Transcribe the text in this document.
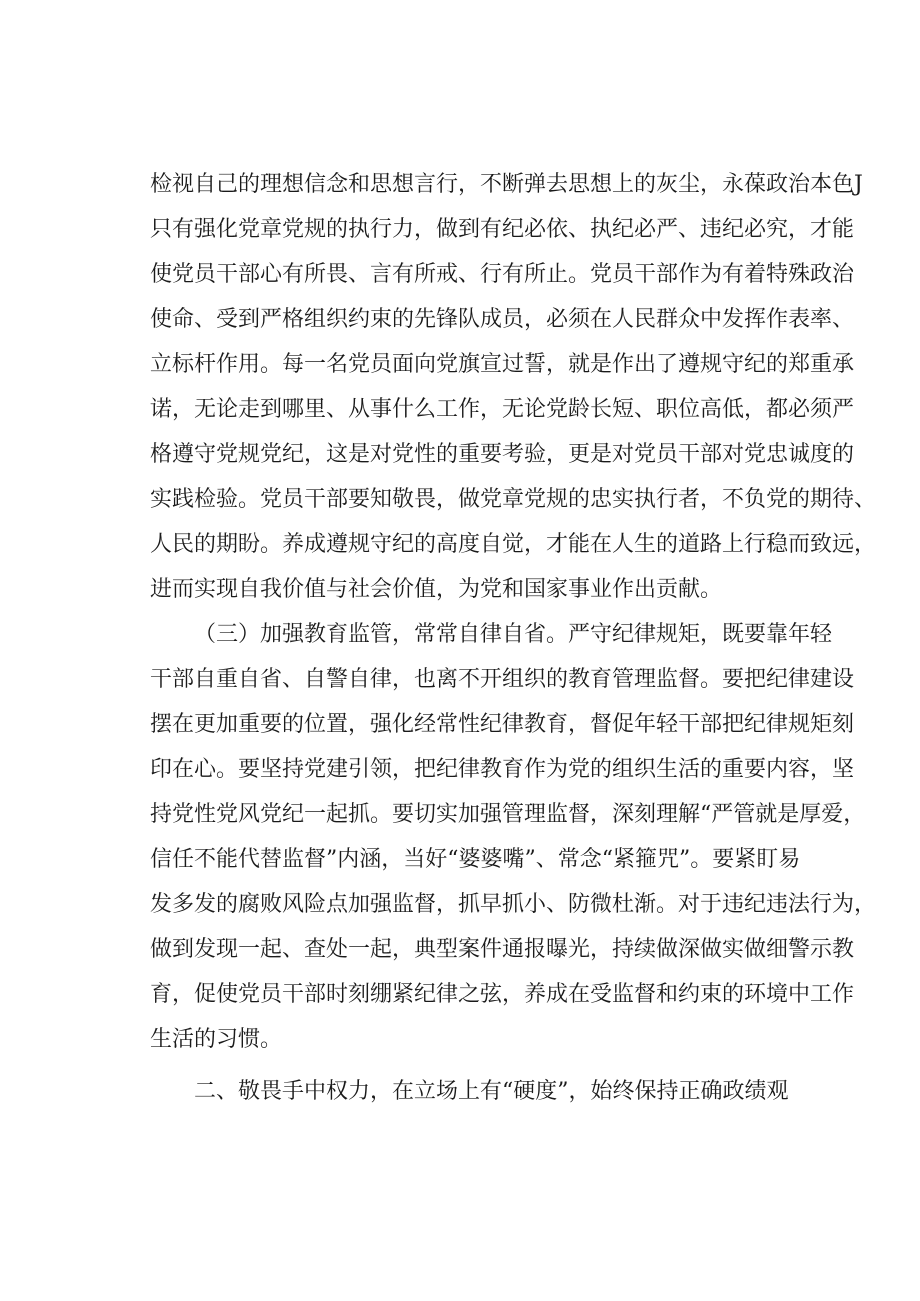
检视自己的理想信念和思想言行，不断弹去思想上的灰尘，永葆政治本色J
只有强化党章党规的执行力，做到有纪必依、执纪必严、违纪必究，才能
使党员干部心有所畏、言有所戒、行有所止。党员干部作为有着特殊政治
使命、受到严格组织约束的先锋队成员，必须在人民群众中发挥作表率、
立标杆作用。每一名党员面向党旗宣过誓，就是作出了遵规守纪的郑重承
诺，无论走到哪里、从事什么工作，无论党龄长短、职位高低，都必须严
格遵守党规党纪，这是对党性的重要考验，更是对党员干部对党忠诚度的
实践检验。党员干部要知敬畏，做党章党规的忠实执行者，不负党的期待、
人民的期盼。养成遵规守纪的高度自觉，才能在人生的道路上行稳而致远，
进而实现自我价值与社会价值，为党和国家事业作出贡献。
（三）加强教育监管，常常自律自省。严守纪律规矩，既要靠年轻
干部自重自省、自警自律，也离不开组织的教育管理监督。要把纪律建设
摆在更加重要的位置，强化经常性纪律教育，督促年轻干部把纪律规矩刻
印在心。要坚持党建引领，把纪律教育作为党的组织生活的重要内容，坚
持党性党风党纪一起抓。要切实加强管理监督，深刻理解“严管就是厚爱，
信任不能代替监督”内涵，当好“婆婆嘴”、常念“紧箍咒”。要紧盯易
发多发的腐败风险点加强监督，抓早抓小、防微杜渐。对于违纪违法行为，
做到发现一起、查处一起，典型案件通报曝光，持续做深做实做细警示教
育，促使党员干部时刻绷紧纪律之弦，养成在受监督和约束的环境中工作
生活的习惯。
二、敬畏手中权力，在立场上有“硬度”，始终保持正确政绩观
